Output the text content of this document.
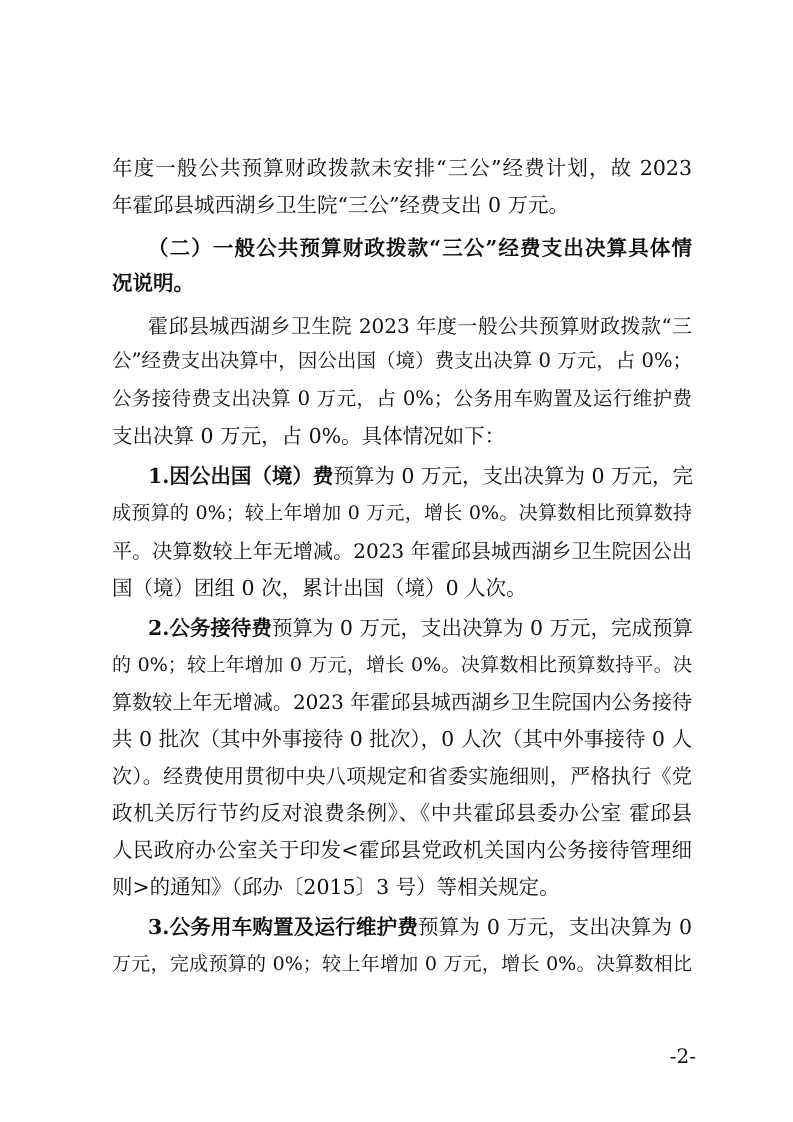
年度一般公共预算财政拨款未安排“三公”经费计划，故 2023
年霍邱县城西湖乡卫生院“三公”经费支出 0 万元。
（二）一般公共预算财政拨款“三公”经费支出决算具体情
况说明。
霍邱县城西湖乡卫生院 2023 年度一般公共预算财政拨款“三
公”经费支出决算中，因公出国（境）费支出决算 0 万元，占 0%；
公务接待费支出决算 0 万元，占 0%；公务用车购置及运行维护费
支出决算 0 万元，占 0%。具体情况如下：
1.因公出国（境）费预算为 0 万元，支出决算为 0 万元，完
成预算的 0%；较上年增加 0 万元，增长 0%。决算数相比预算数持
平。决算数较上年无增减。2023 年霍邱县城西湖乡卫生院因公出
国（境）团组 0 次，累计出国（境）0 人次。
2.公务接待费预算为 0 万元，支出决算为 0 万元，完成预算
的 0%；较上年增加 0 万元，增长 0%。决算数相比预算数持平。决
算数较上年无增减。2023 年霍邱县城西湖乡卫生院国内公务接待
共 0 批次（其中外事接待 0 批次），0 人次（其中外事接待 0 人
次）。经费使用贯彻中央八项规定和省委实施细则，严格执行《党
政机关厉行节约反对浪费条例》、《中共霍邱县委办公室 霍邱县
人民政府办公室关于印发<霍邱县党政机关国内公务接待管理细
则>的通知》（邱办〔2015〕3 号）等相关规定。
3.公务用车购置及运行维护费预算为 0 万元，支出决算为 0
万元，完成预算的 0%；较上年增加 0 万元，增长 0%。决算数相比
-2-
